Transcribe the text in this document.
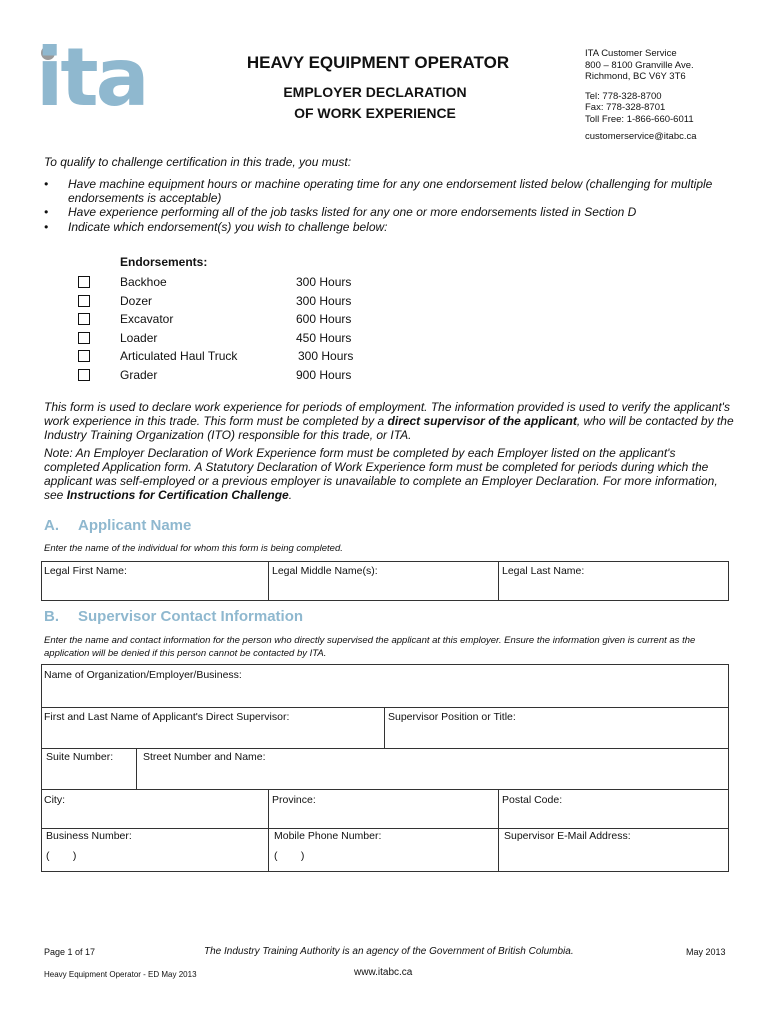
ita	HEAVY EQUIPMENT OPERATOR
EMPLOYER DECLARATION
OF WORK EXPERIENCE
ITA Customer Service
800 – 8100 Granville Ave.
Richmond, BC V6Y 3T6
Tel: 778-328-8700
Fax: 778-328-8701
Toll Free: 1-866-660-6011
customerservice@itabc.ca
To qualify to challenge certification in this trade, you must:
•	Have machine equipment hours or machine operating time for any one endorsement listed below (challenging for multiple endorsements is acceptable)
•	Have experience performing all of the job tasks listed for any one or more endorsements listed in Section D
•	Indicate which endorsement(s) you wish to challenge below:
Endorsements:
Backhoe	300 Hours
Dozer	300 Hours
Excavator	600 Hours
Loader	450 Hours
Articulated Haul Truck	300 Hours
Grader	900 Hours
This form is used to declare work experience for periods of employment. The information provided is used to verify the applicant's work experience in this trade. This form must be completed by a direct supervisor of the applicant, who will be contacted by the Industry Training Organization (ITO) responsible for this trade, or ITA.
Note: An Employer Declaration of Work Experience form must be completed by each Employer listed on the applicant's completed Application form. A Statutory Declaration of Work Experience form must be completed for periods during which the applicant was self-employed or a previous employer is unavailable to complete an Employer Declaration. For more information, see Instructions for Certification Challenge.
A. Applicant Name
Enter the name of the individual for whom this form is being completed.
Legal First Name:	Legal Middle Name(s):	Legal Last Name:
B. Supervisor Contact Information
Enter the name and contact information for the person who directly supervised the applicant at this employer. Ensure the information given is current as the application will be denied if this person cannot be contacted by ITA.
Name of Organization/Employer/Business:
First and Last Name of Applicant's Direct Supervisor:	Supervisor Position or Title:
Suite Number:	Street Number and Name:
City:	Province:	Postal Code:
Business Number:	Mobile Phone Number:	Supervisor E-Mail Address:
(        )	(        )
Page 1 of 17	The Industry Training Authority is an agency of the Government of British Columbia.	May 2013
Heavy Equipment Operator - ED May 2013	www.itabc.ca
